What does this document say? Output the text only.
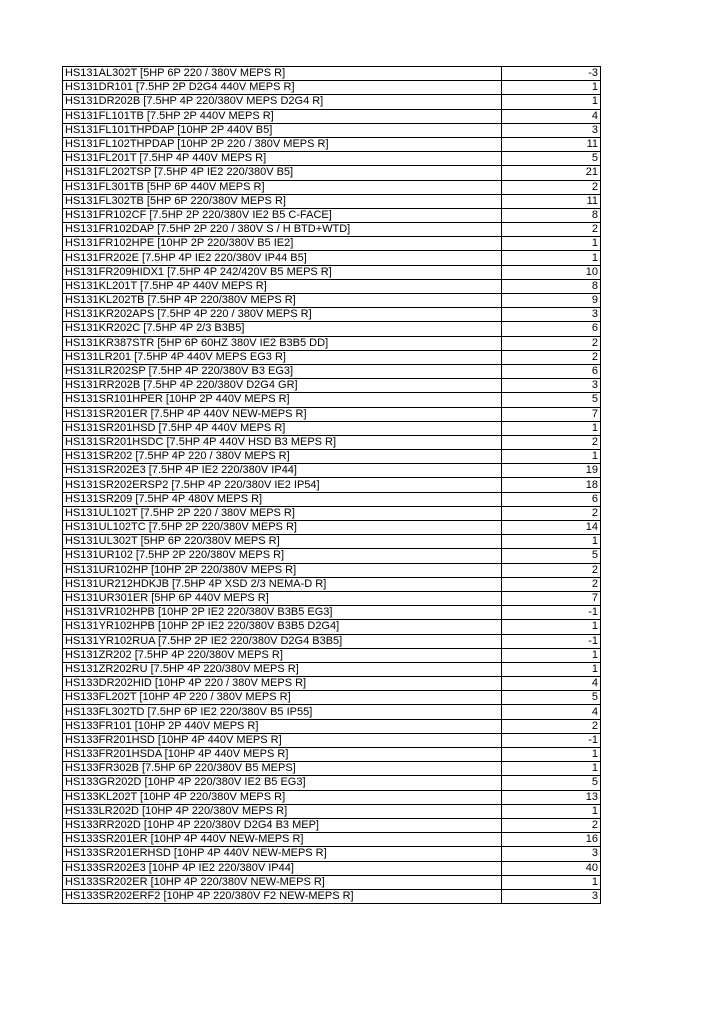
HS131AL302T [5HP 6P 220 / 380V MEPS R]	-3
HS131DR101 [7.5HP 2P D2G4 440V MEPS R]	1
HS131DR202B [7.5HP 4P 220/380V MEPS D2G4 R]	1
HS131FL101TB [7.5HP 2P 440V MEPS R]	4
HS131FL101THPDAP [10HP 2P 440V B5]	3
HS131FL102THPDAP [10HP 2P 220 / 380V MEPS R]	11
HS131FL201T [7.5HP 4P 440V MEPS R]	5
HS131FL202TSP [7.5HP 4P IE2 220/380V B5]	21
HS131FL301TB [5HP 6P 440V MEPS R]	2
HS131FL302TB [5HP 6P 220/380V MEPS R]	11
HS131FR102CF [7.5HP 2P 220/380V IE2 B5 C-FACE]	8
HS131FR102DAP [7.5HP 2P 220 / 380V S / H BTD+WTD]	2
HS131FR102HPE [10HP 2P 220/380V B5 IE2]	1
HS131FR202E [7.5HP 4P IE2 220/380V IP44 B5]	1
HS131FR209HIDX1 [7.5HP 4P 242/420V B5 MEPS R]	10
HS131KL201T [7.5HP 4P 440V MEPS R]	8
HS131KL202TB [7.5HP 4P 220/380V MEPS R]	9
HS131KR202APS [7.5HP 4P 220 / 380V MEPS R]	3
HS131KR202C [7.5HP 4P 2/3 B3B5]	6
HS131KR387STR [5HP 6P 60HZ 380V IE2 B3B5 DD]	2
HS131LR201 [7.5HP 4P 440V MEPS EG3 R]	2
HS131LR202SP [7.5HP 4P 220/380V B3 EG3]	6
HS131RR202B [7.5HP 4P 220/380V D2G4 GR]	3
HS131SR101HPER [10HP 2P 440V MEPS R]	5
HS131SR201ER [7.5HP 4P 440V NEW-MEPS R]	7
HS131SR201HSD [7.5HP 4P 440V MEPS R]	1
HS131SR201HSDC [7.5HP 4P 440V HSD B3 MEPS R]	2
HS131SR202 [7.5HP 4P 220 / 380V MEPS R]	1
HS131SR202E3 [7.5HP 4P IE2 220/380V IP44]	19
HS131SR202ERSP2 [7.5HP 4P 220/380V IE2 IP54]	18
HS131SR209 [7.5HP 4P 480V MEPS R]	6
HS131UL102T [7.5HP 2P 220 / 380V MEPS R]	2
HS131UL102TC [7.5HP 2P 220/380V MEPS R]	14
HS131UL302T [5HP 6P 220/380V MEPS R]	1
HS131UR102 [7.5HP 2P 220/380V MEPS R]	5
HS131UR102HP [10HP 2P 220/380V MEPS R]	2
HS131UR212HDKJB [7.5HP 4P XSD 2/3 NEMA-D R]	2
HS131UR301ER [5HP 6P 440V MEPS R]	7
HS131VR102HPB [10HP 2P IE2 220/380V B3B5 EG3]	-1
HS131YR102HPB [10HP 2P IE2 220/380V B3B5 D2G4]	1
HS131YR102RUA [7.5HP 2P IE2 220/380V D2G4 B3B5]	-1
HS131ZR202 [7.5HP 4P 220/380V MEPS R]	1
HS131ZR202RU [7.5HP 4P 220/380V MEPS R]	1
HS133DR202HID [10HP 4P 220 / 380V MEPS R]	4
HS133FL202T [10HP 4P 220 / 380V MEPS R]	5
HS133FL302TD [7.5HP 6P IE2 220/380V B5 IP55]	4
HS133FR101 [10HP 2P 440V MEPS R]	2
HS133FR201HSD [10HP 4P 440V MEPS R]	-1
HS133FR201HSDA [10HP 4P 440V MEPS R]	1
HS133FR302B [7.5HP 6P 220/380V B5 MEPS]	1
HS133GR202D [10HP 4P 220/380V IE2 B5 EG3]	5
HS133KL202T [10HP 4P 220/380V MEPS R]	13
HS133LR202D [10HP 4P 220/380V MEPS R]	1
HS133RR202D [10HP 4P 220/380V D2G4 B3 MEP]	2
HS133SR201ER [10HP 4P 440V NEW-MEPS R]	16
HS133SR201ERHSD [10HP 4P 440V NEW-MEPS R]	3
HS133SR202E3 [10HP 4P IE2 220/380V IP44]	40
HS133SR202ER [10HP 4P 220/380V NEW-MEPS R]	1
HS133SR202ERF2 [10HP 4P 220/380V F2 NEW-MEPS R]	3
